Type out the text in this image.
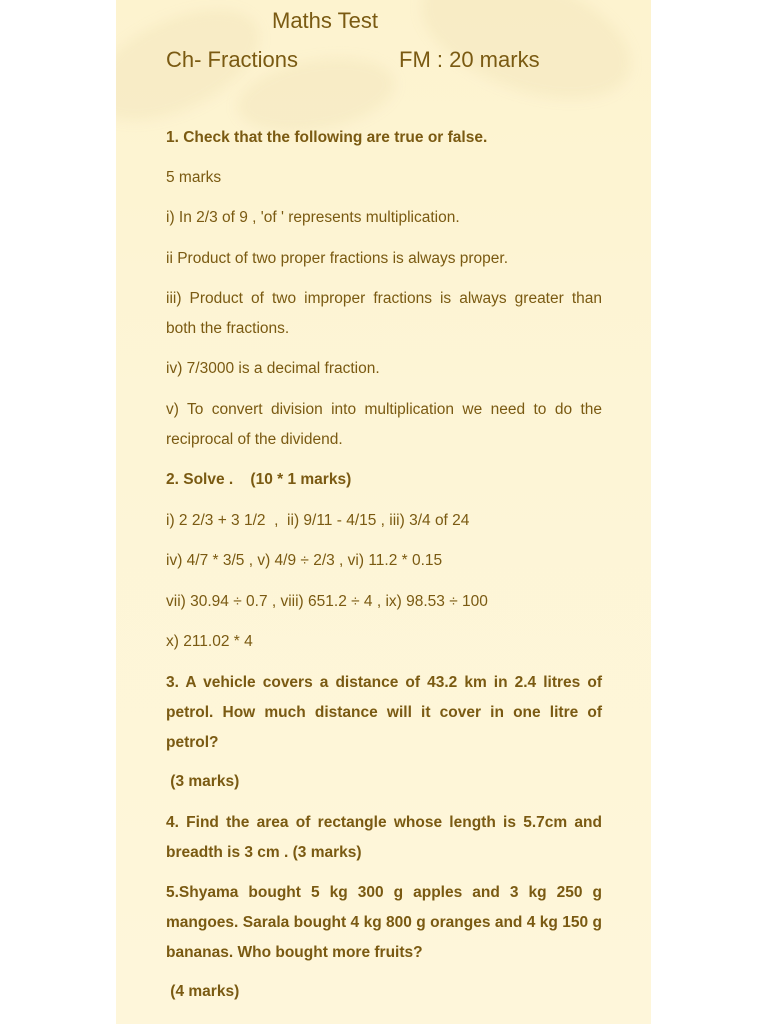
Maths Test
Ch- Fractions	FM : 20 marks
1. Check that the following are true or false.
5 marks
i) In 2/3 of 9 , 'of ' represents multiplication.
ii Product of two proper fractions is always proper.
iii) Product of two improper fractions is always greater than both the fractions.
iv) 7/3000 is a decimal fraction.
v) To convert division into multiplication we need to do the reciprocal of the dividend.
2. Solve .    (10 * 1 marks)
i) 2 2/3 + 3 1/2  ,  ii) 9/11 - 4/15 , iii) 3/4 of 24
iv) 4/7 * 3/5 , v) 4/9 ÷ 2/3 , vi) 11.2 * 0.15
vii) 30.94 ÷ 0.7 , viii) 651.2 ÷ 4 , ix) 98.53 ÷ 100
x) 211.02 * 4
3. A vehicle covers a distance of 43.2 km in 2.4 litres of petrol. How much distance will it cover in one litre of petrol?
(3 marks)
4. Find the area of rectangle whose length is 5.7cm and breadth is 3 cm . (3 marks)
5.Shyama bought 5 kg 300 g apples and 3 kg 250 g mangoes. Sarala bought 4 kg 800 g oranges and 4 kg 150 g bananas. Who bought more fruits?
(4 marks)
